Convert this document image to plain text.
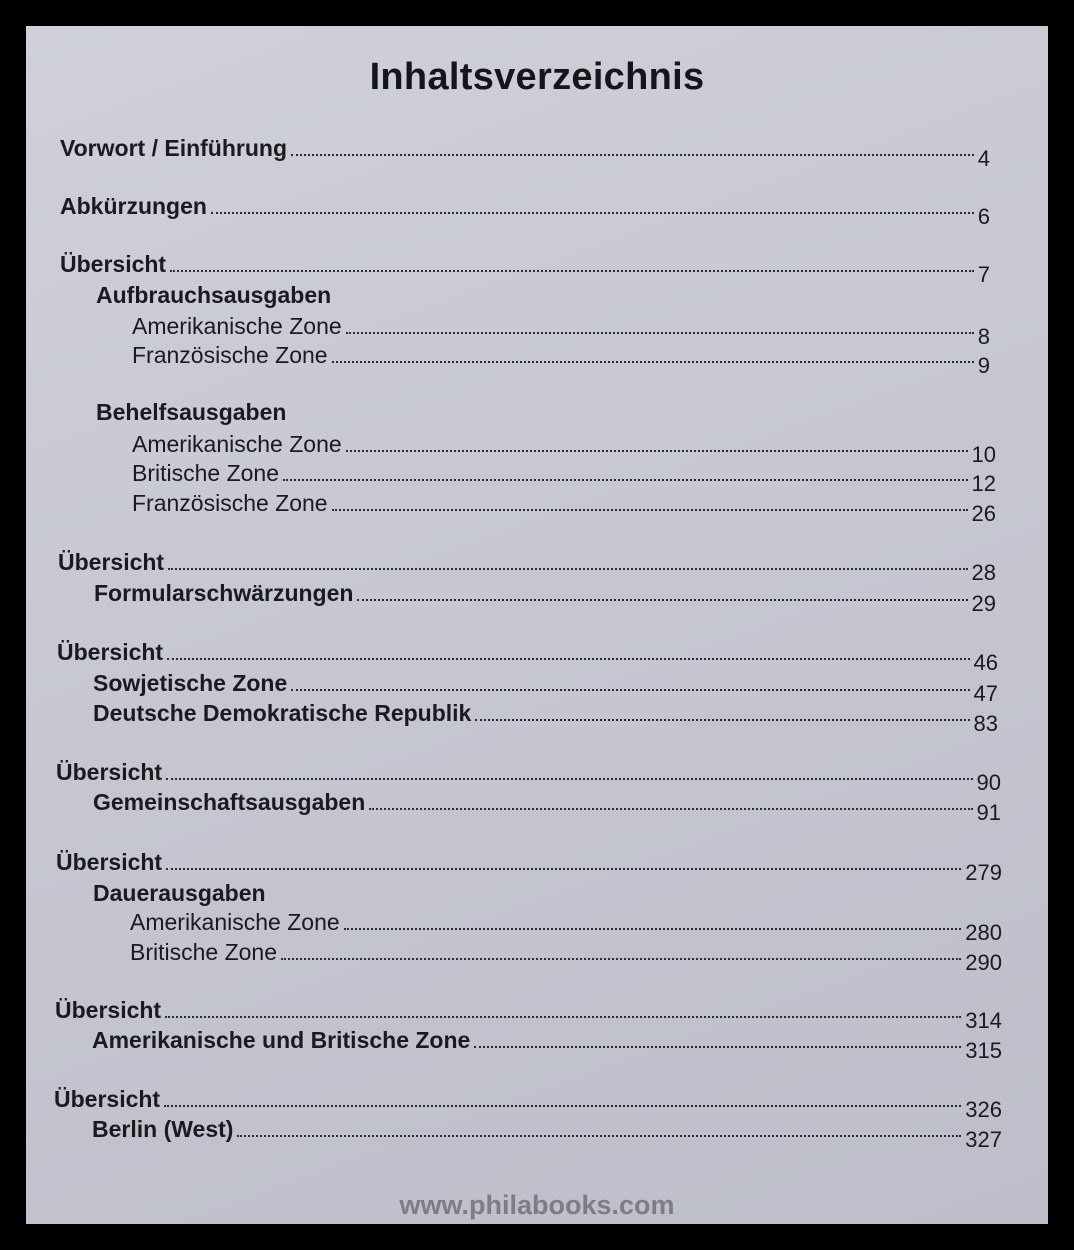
Inhaltsverzeichnis
Vorwort / Einführung	4
Abkürzungen	6
Übersicht	7
Aufbrauchsausgaben
Amerikanische Zone	8
Französische Zone	9
Behelfsausgaben
Amerikanische Zone	10
Britische Zone	12
Französische Zone	26
Übersicht	28
Formularschwärzungen	29
Übersicht	46
Sowjetische Zone	47
Deutsche Demokratische Republik	83
Übersicht	90
Gemeinschaftsausgaben	91
Übersicht	279
Dauerausgaben
Amerikanische Zone	280
Britische Zone	290
Übersicht	314
Amerikanische und Britische Zone	315
Übersicht	326
Berlin (West)	327
www.philabooks.com
